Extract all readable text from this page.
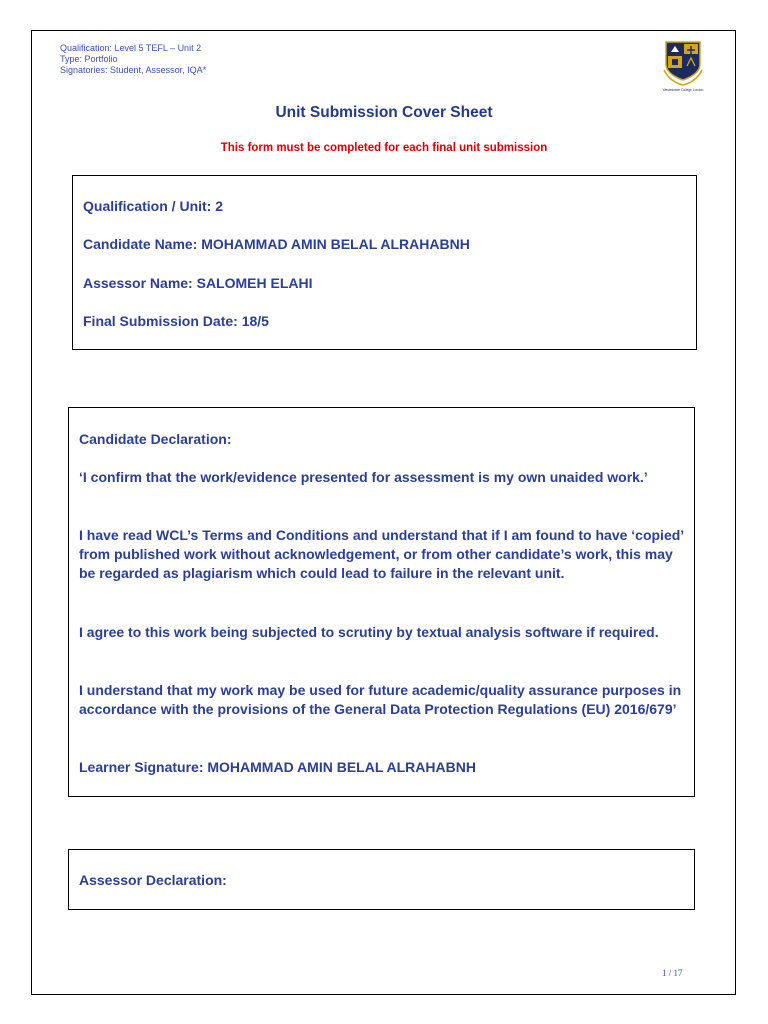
Qualification: Level 5 TEFL – Unit 2
Type: Portfolio
Signatories: Student, Assessor, IQA*
Westminster College London
Unit Submission Cover Sheet
This form must be completed for each final unit submission

Qualification / Unit: 2

Candidate Name: MOHAMMAD AMIN BELAL ALRAHABNH

Assessor Name: SALOMEH ELAHI

Final Submission Date: 18/5

Candidate Declaration:

‘I confirm that the work/evidence presented for assessment is my own unaided work.’

I have read WCL’s Terms and Conditions and understand that if I am found to have ‘copied’ from published work without acknowledgement, or from other candidate’s work, this may be regarded as plagiarism which could lead to failure in the relevant unit.

I agree to this work being subjected to scrutiny by textual analysis software if required.

I understand that my work may be used for future academic/quality assurance purposes in accordance with the provisions of the General Data Protection Regulations (EU) 2016/679’

Learner Signature: MOHAMMAD AMIN BELAL ALRAHABNH

Assessor Declaration:

1 / 17
